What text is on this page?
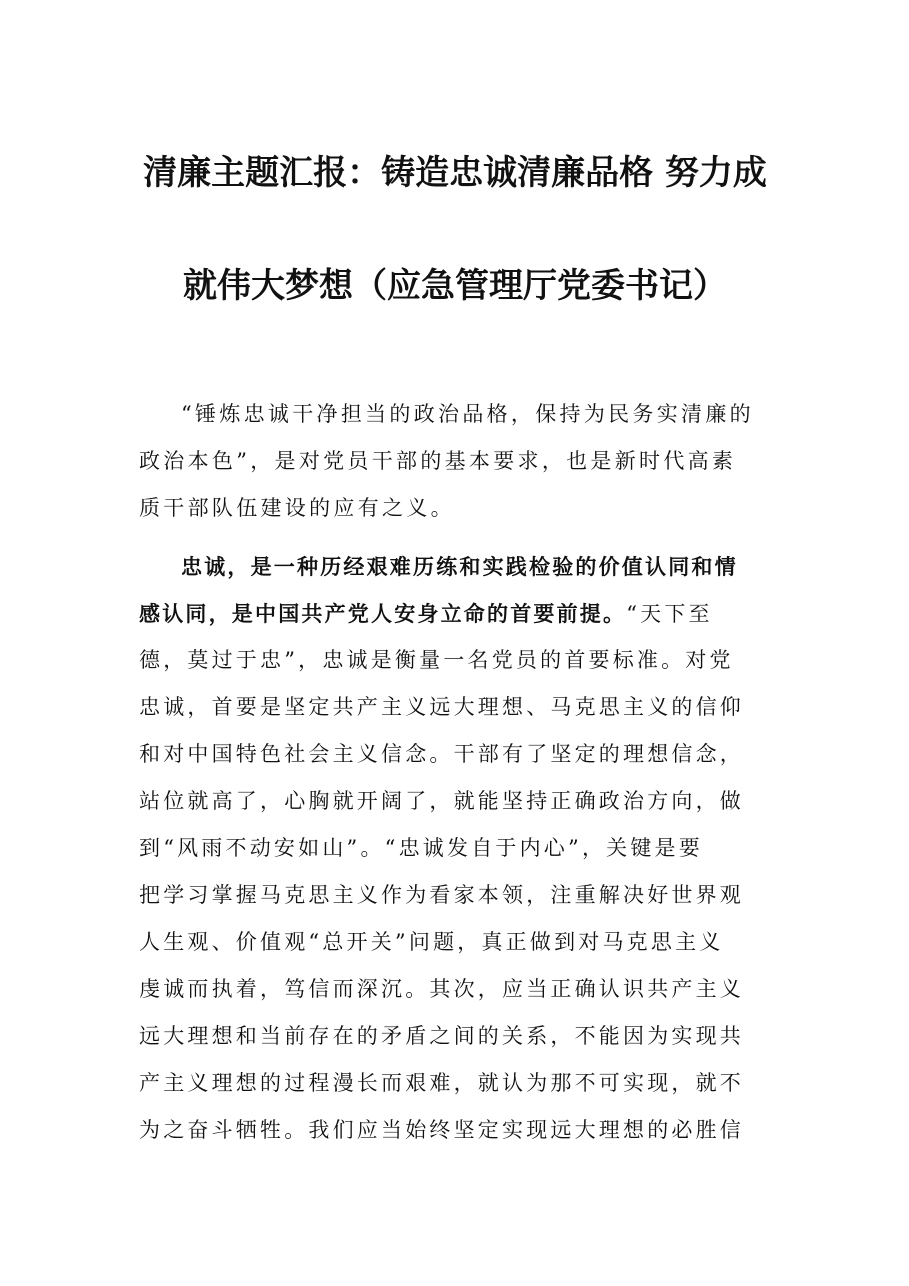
清廉主题汇报：铸造忠诚清廉品格 努力成
就伟大梦想（应急管理厅党委书记）
“锤炼忠诚干净担当的政治品格，保持为民务实清廉的
政治本色”，是对党员干部的基本要求，也是新时代高素
质干部队伍建设的应有之义。
忠诚，是一种历经艰难历练和实践检验的价值认同和情
感认同，是中国共产党人安身立命的首要前提。“天下至
德，莫过于忠”，忠诚是衡量一名党员的首要标准。对党
忠诚，首要是坚定共产主义远大理想、马克思主义的信仰
和对中国特色社会主义信念。干部有了坚定的理想信念，
站位就高了，心胸就开阔了，就能坚持正确政治方向，做
到“风雨不动安如山”。“忠诚发自于内心”，关键是要
把学习掌握马克思主义作为看家本领，注重解决好世界观
人生观、价值观“总开关”问题，真正做到对马克思主义
虔诚而执着，笃信而深沉。其次，应当正确认识共产主义
远大理想和当前存在的矛盾之间的关系，不能因为实现共
产主义理想的过程漫长而艰难，就认为那不可实现，就不
为之奋斗牺牲。我们应当始终坚定实现远大理想的必胜信
